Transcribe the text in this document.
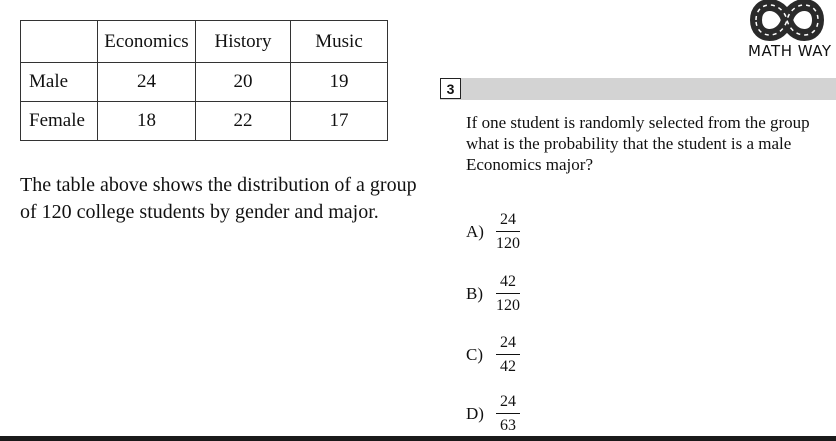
	Economics	History	Music
Male	24	20	19
Female	18	22	17

The table above shows the distribution of a group of 120 college students by gender and major.

MATH WAY
3

If one student is randomly selected from the group what is the probability that the student is a male Economics major?

$A) \frac{24}{120}$
$B) \frac{42}{120}$
$C) \frac{24}{42}$
$D) \frac{24}{63}$
